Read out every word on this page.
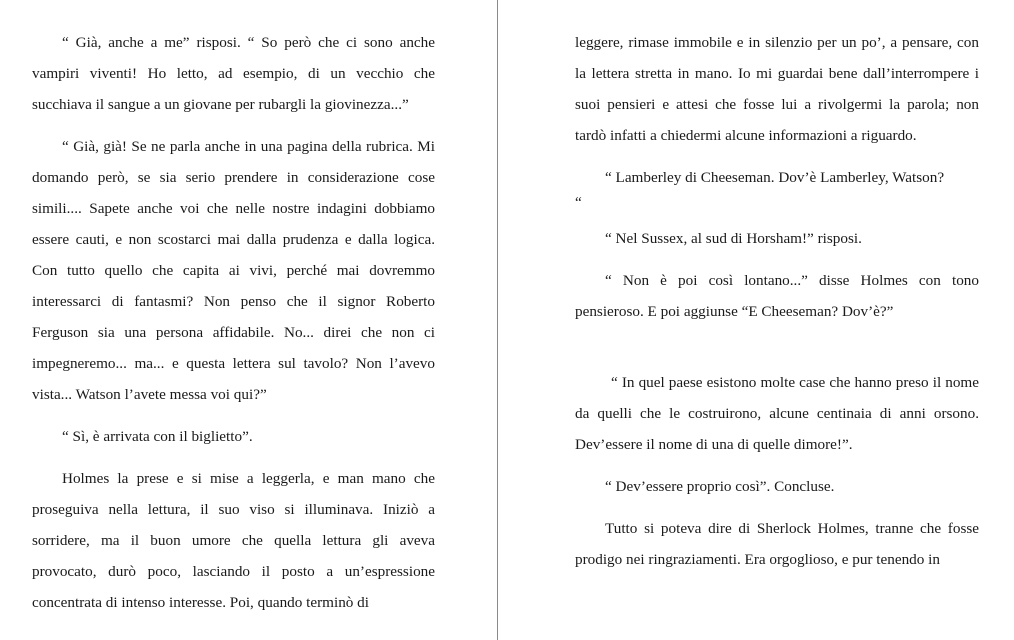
“ Già, anche a me” risposi. “ So però che ci sono anche vampiri viventi! Ho letto, ad esempio, di un vecchio che succhiava il sangue a un giovane per rubargli la giovinezza...”

“ Già, già! Se ne parla anche in una pagina della rubrica. Mi domando però, se sia serio prendere in considerazione cose simili.... Sapete anche voi che nelle nostre indagini dobbiamo essere cauti, e non scostarci mai dalla prudenza e dalla logica. Con tutto quello che capita ai vivi, perché mai dovremmo interessarci di fantasmi? Non penso che il signor Roberto Ferguson sia una persona affidabile. No... direi che non ci impegneremo... ma... e questa lettera sul tavolo? Non l’avevo vista... Watson l’avete messa voi qui?”

“ Sì, è arrivata con il biglietto”.

Holmes la prese e si mise a leggerla, e man mano che proseguiva nella lettura, il suo viso si illuminava. Iniziò a sorridere, ma il buon umore che quella lettura gli aveva provocato, durò poco, lasciando il posto a un’espressione concentrata di intenso interesse. Poi, quando terminò di

leggere, rimase immobile e in silenzio per un po’, a pensare, con la lettera stretta in mano. Io mi guardai bene dall’interrompere i suoi pensieri e attesi che fosse lui a rivolgermi la parola; non tardò infatti a chiedermi alcune informazioni a riguardo.

“ Lamberley di Cheeseman. Dov’è Lamberley, Watson?

“

“ Nel Sussex, al sud di Horsham!” risposi.

“ Non è poi così lontano...” disse Holmes con tono pensieroso. E poi aggiunse “E Cheeseman? Dov’è?”

“ In quel paese esistono molte case che hanno preso il nome da quelli che le costruirono, alcune centinaia di anni orsono. Dev’essere il nome di una di quelle dimore!”.

“ Dev’essere proprio così”. Concluse.

Tutto si poteva dire di Sherlock Holmes, tranne che fosse prodigo nei ringraziamenti. Era orgoglioso, e pur tenendo in
